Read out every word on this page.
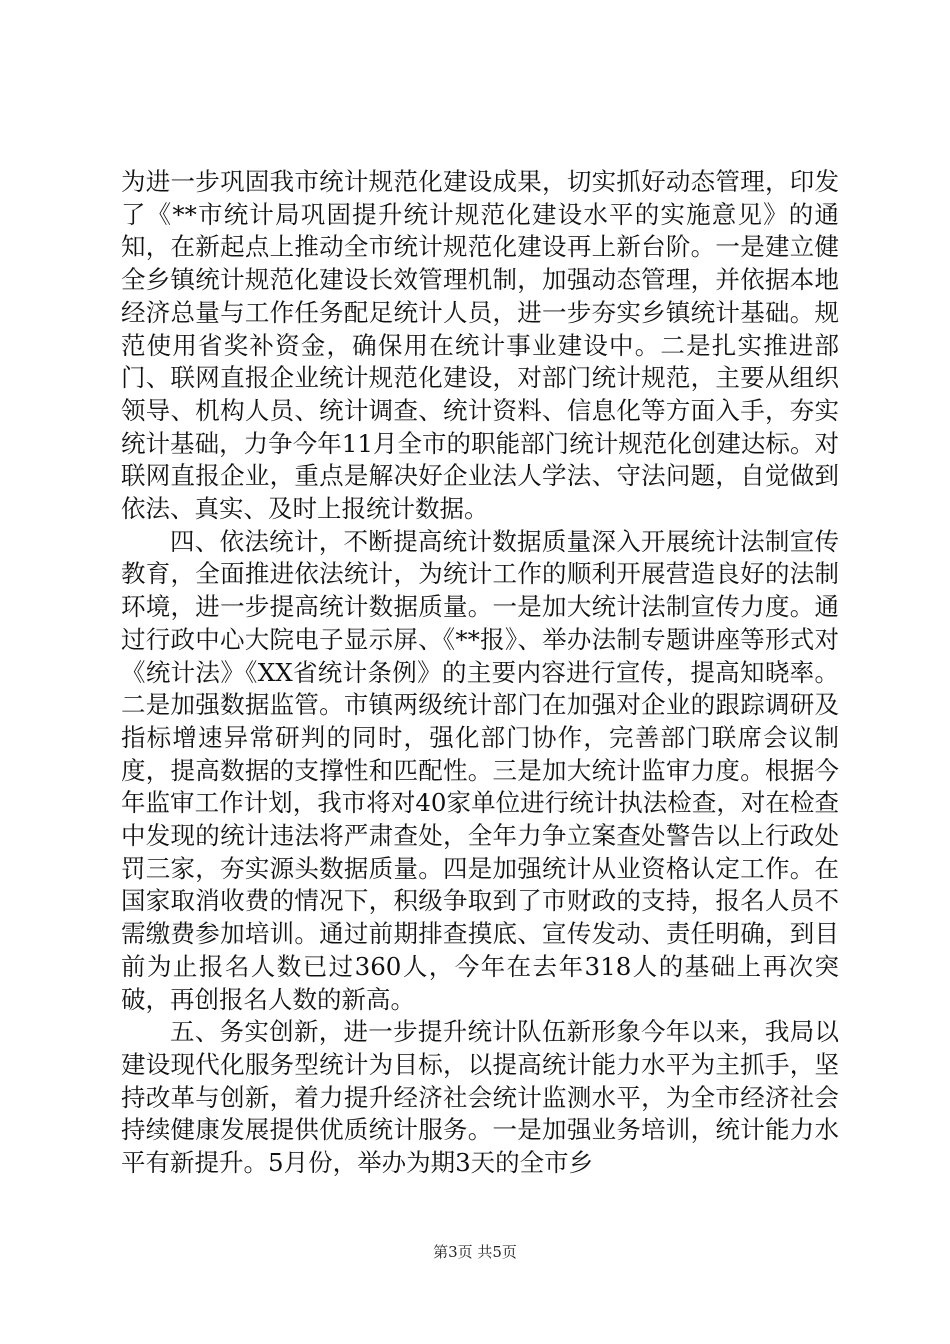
为进一步巩固我市统计规范化建设成果，切实抓好动态管理，印发了《**市统计局巩固提升统计规范化建设水平的实施意见》的通知，在新起点上推动全市统计规范化建设再上新台阶。一是建立健全乡镇统计规范化建设长效管理机制，加强动态管理，并依据本地经济总量与工作任务配足统计人员，进一步夯实乡镇统计基础。规范使用省奖补资金，确保用在统计事业建设中。二是扎实推进部门、联网直报企业统计规范化建设，对部门统计规范，主要从组织领导、机构人员、统计调查、统计资料、信息化等方面入手，夯实统计基础，力争今年11月全市的职能部门统计规范化创建达标。对联网直报企业，重点是解决好企业法人学法、守法问题，自觉做到依法、真实、及时上报统计数据。

四、依法统计，不断提高统计数据质量深入开展统计法制宣传教育，全面推进依法统计，为统计工作的顺利开展营造良好的法制环境，进一步提高统计数据质量。一是加大统计法制宣传力度。通过行政中心大院电子显示屏、《**报》、举办法制专题讲座等形式对《统计法》《XX省统计条例》的主要内容进行宣传，提高知晓率。二是加强数据监管。市镇两级统计部门在加强对企业的跟踪调研及指标增速异常研判的同时，强化部门协作，完善部门联席会议制度，提高数据的支撑性和匹配性。三是加大统计监审力度。根据今年监审工作计划，我市将对40家单位进行统计执法检查，对在检查中发现的统计违法将严肃查处，全年力争立案查处警告以上行政处罚三家，夯实源头数据质量。四是加强统计从业资格认定工作。在国家取消收费的情况下，积级争取到了市财政的支持，报名人员不需缴费参加培训。通过前期排查摸底、宣传发动、责任明确，到目前为止报名人数已过360人，今年在去年318人的基础上再次突破，再创报名人数的新高。

五、务实创新，进一步提升统计队伍新形象今年以来，我局以建设现代化服务型统计为目标，以提高统计能力水平为主抓手，坚持改革与创新，着力提升经济社会统计监测水平，为全市经济社会持续健康发展提供优质统计服务。一是加强业务培训，统计能力水平有新提升。5月份，举办为期3天的全市乡

第3页 共5页
